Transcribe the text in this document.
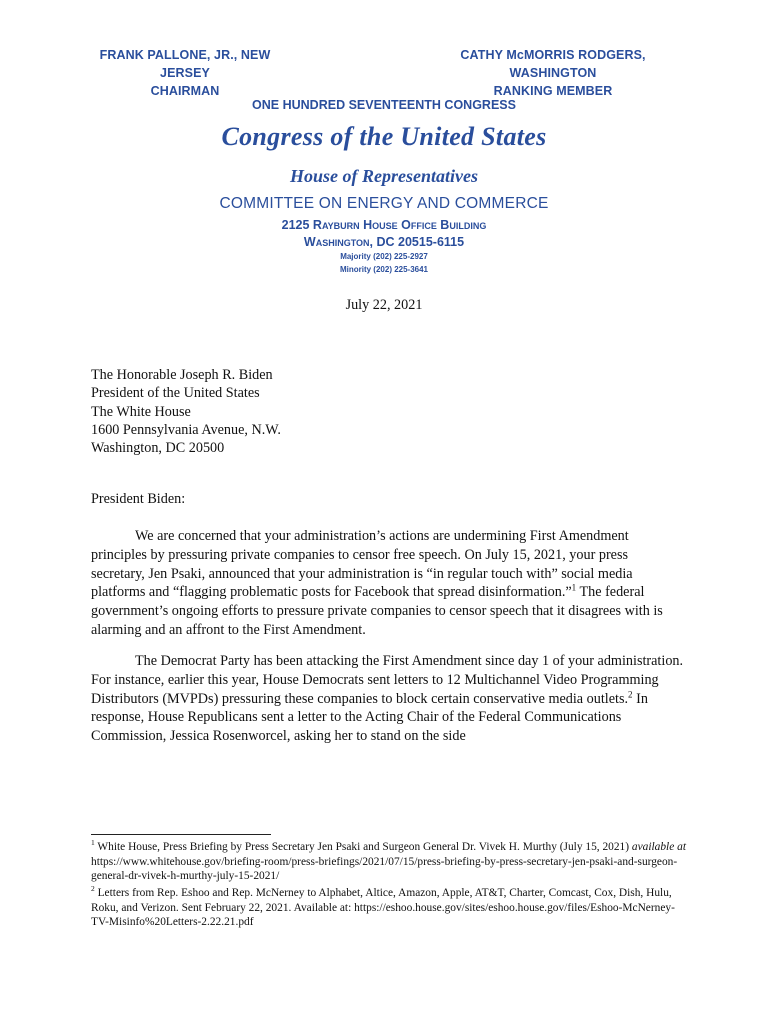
FRANK PALLONE, JR., NEW JERSEY
CHAIRMAN
CATHY McMORRIS RODGERS, WASHINGTON
RANKING MEMBER
ONE HUNDRED SEVENTEENTH CONGRESS
Congress of the United States
House of Representatives
COMMITTEE ON ENERGY AND COMMERCE
2125 Rayburn House Office Building
Washington, DC 20515-6115
Majority (202) 225-2927
Minority (202) 225-3641
July 22, 2021
The Honorable Joseph R. Biden
President of the United States
The White House
1600 Pennsylvania Avenue, N.W.
Washington, DC 20500
President Biden:

We are concerned that your administration’s actions are undermining First Amendment principles by pressuring private companies to censor free speech. On July 15, 2021, your press secretary, Jen Psaki, announced that your administration is “in regular touch with” social media platforms and “flagging problematic posts for Facebook that spread disinformation.”$^1$ The federal government’s ongoing efforts to pressure private companies to censor speech that it disagrees with is alarming and an affront to the First Amendment.

The Democrat Party has been attacking the First Amendment since day 1 of your administration. For instance, earlier this year, House Democrats sent letters to 12 Multichannel Video Programming Distributors (MVPDs) pressuring these companies to block certain conservative media outlets.$^2$ In response, House Republicans sent a letter to the Acting Chair of the Federal Communications Commission, Jessica Rosenworcel, asking her to stand on the side

$^1$ White House, Press Briefing by Press Secretary Jen Psaki and Surgeon General Dr. Vivek H. Murthy (July 15, 2021) available at https://www.whitehouse.gov/briefing-room/press-briefings/2021/07/15/press-briefing-by-press-secretary-jen-psaki-and-surgeon-general-dr-vivek-h-murthy-july-15-2021/
$^2$ Letters from Rep. Eshoo and Rep. McNerney to Alphabet, Altice, Amazon, Apple, AT&T, Charter, Comcast, Cox, Dish, Hulu, Roku, and Verizon. Sent February 22, 2021. Available at: https://eshoo.house.gov/sites/eshoo.house.gov/files/Eshoo-McNerney-TV-Misinfo%20Letters-2.22.21.pdf
